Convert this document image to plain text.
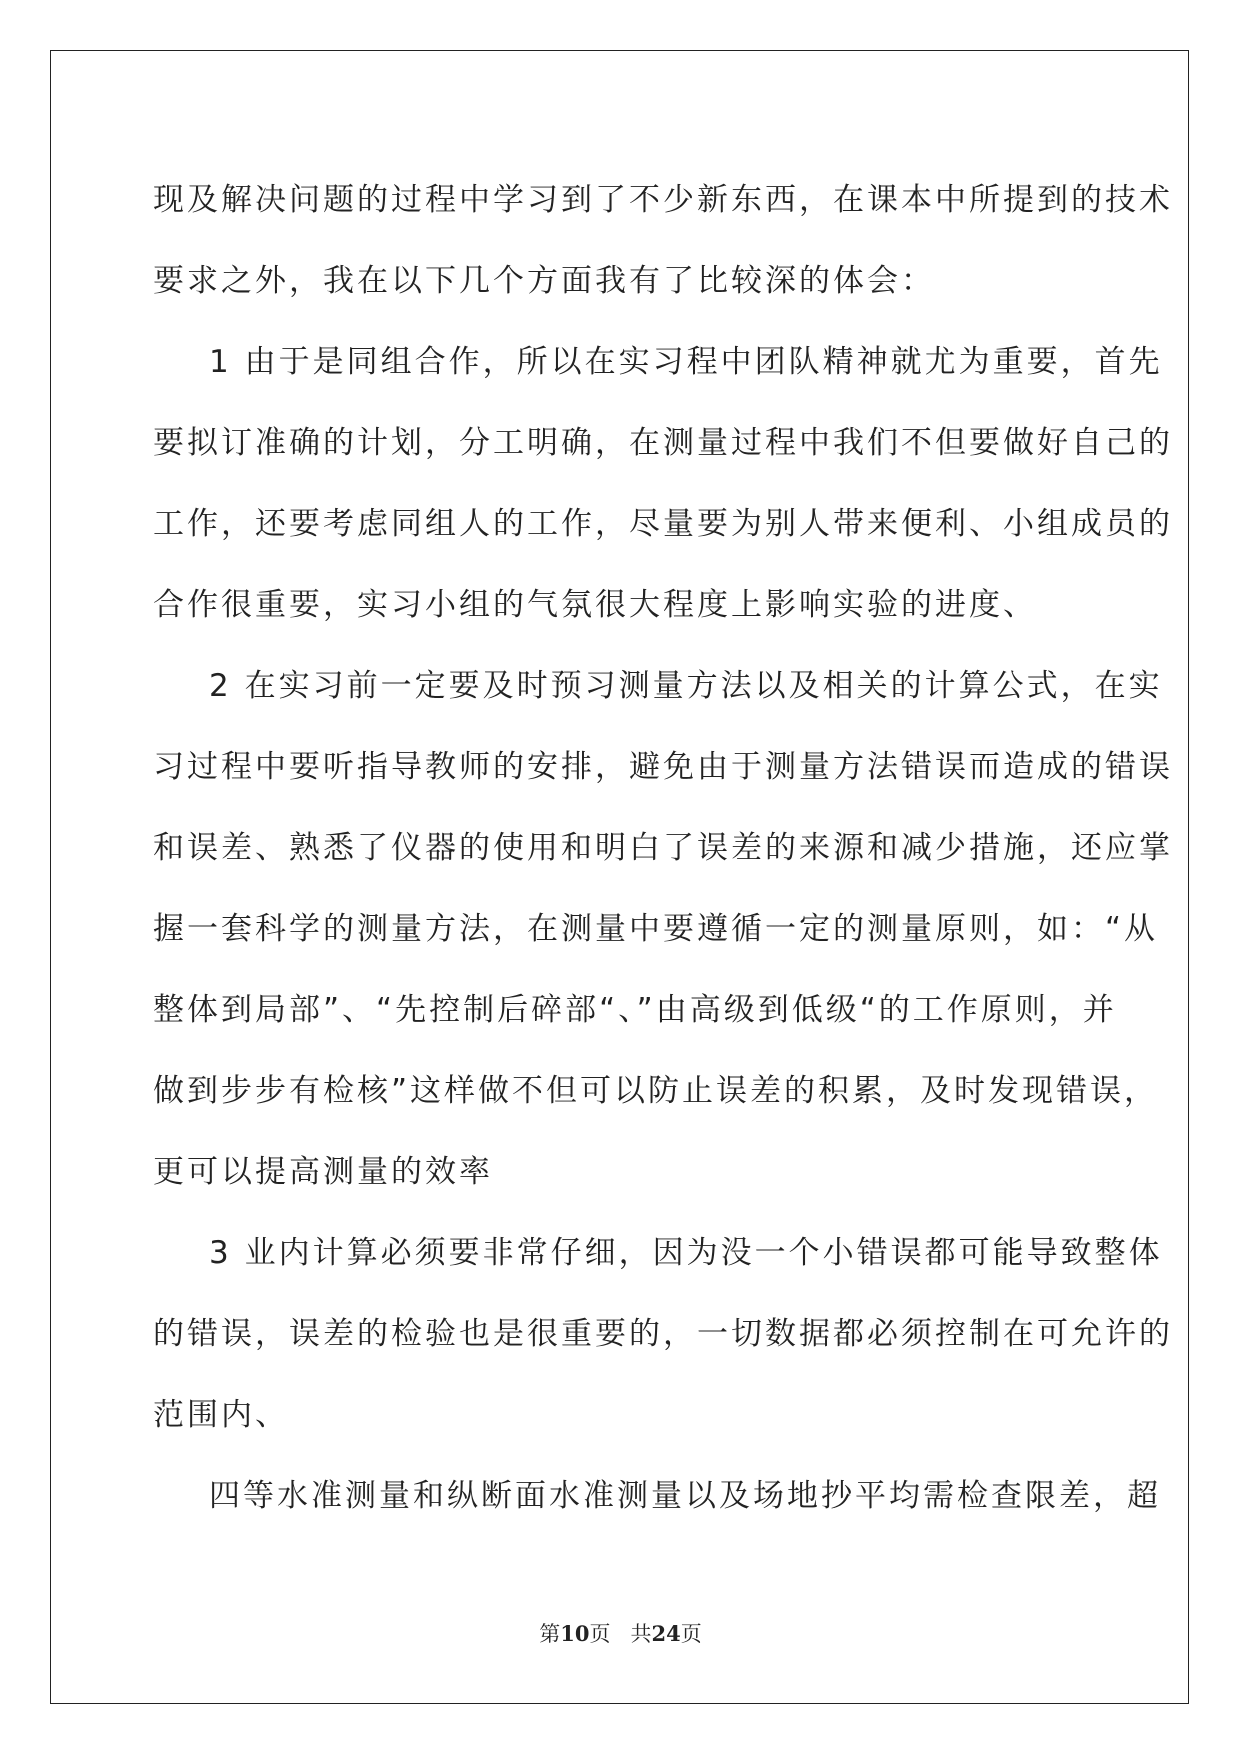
现及解决问题的过程中学习到了不少新东西，在课本中所提到的技术
要求之外，我在以下几个方面我有了比较深的体会：
1 由于是同组合作，所以在实习程中团队精神就尤为重要，首先
要拟订准确的计划，分工明确，在测量过程中我们不但要做好自己的
工作，还要考虑同组人的工作，尽量要为别人带来便利、小组成员的
合作很重要，实习小组的气氛很大程度上影响实验的进度、
2 在实习前一定要及时预习测量方法以及相关的计算公式，在实
习过程中要听指导教师的安排，避免由于测量方法错误而造成的错误
和误差、熟悉了仪器的使用和明白了误差的来源和减少措施，还应掌
握一套科学的测量方法，在测量中要遵循一定的测量原则，如：“从
整体到局部”、“先控制后碎部“、”由高级到低级“的工作原则，并
做到步步有检核”这样做不但可以防止误差的积累，及时发现错误，
更可以提高测量的效率
3 业内计算必须要非常仔细，因为没一个小错误都可能导致整体
的错误，误差的检验也是很重要的，一切数据都必须控制在可允许的
范围内、
四等水准测量和纵断面水准测量以及场地抄平均需检查限差，超
第10页   共24页
